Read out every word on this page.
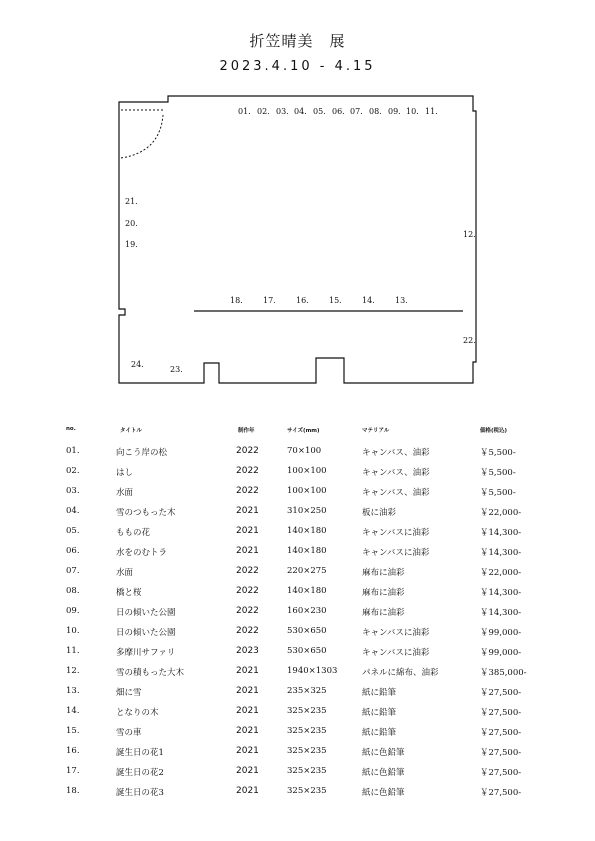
折笠晴美　展
2023.4.10 - 4.15
01. 02. 03. 04. 05. 06. 07. 08. 09. 10. 11.
12.
13.
14.
15.
16.
17.
18.
19.
20.
21.
22.
23.
24.
no.	タイトル	制作年	サイズ(mm)	マテリアル	価格(税込)
01.	向こう岸の松	2022	70×100	キャンバス、油彩	￥5,500-
02.	はし	2022	100×100	キャンバス、油彩	￥5,500-
03.	水面	2022	100×100	キャンバス、油彩	￥5,500-
04.	雪のつもった木	2021	310×250	板に油彩	￥22,000-
05.	ももの花	2021	140×180	キャンバスに油彩	￥14,300-
06.	水をのむトラ	2021	140×180	キャンバスに油彩	￥14,300-
07.	水面	2022	220×275	麻布に油彩	￥22,000-
08.	橋と桜	2022	140×180	麻布に油彩	￥14,300-
09.	日の傾いた公園	2022	160×230	麻布に油彩	￥14,300-
10.	日の傾いた公園	2022	530×650	キャンバスに油彩	￥99,000-
11.	多摩川サファリ	2023	530×650	キャンバスに油彩	￥99,000-
12.	雪の積もった大木	2021	1940×1303	パネルに綿布、油彩	￥385,000-
13.	畑に雪	2021	235×325	紙に鉛筆	￥27,500-
14.	となりの木	2021	325×235	紙に鉛筆	￥27,500-
15.	雪の車	2021	325×235	紙に鉛筆	￥27,500-
16.	誕生日の花1	2021	325×235	紙に色鉛筆	￥27,500-
17.	誕生日の花2	2021	325×235	紙に色鉛筆	￥27,500-
18.	誕生日の花3	2021	325×235	紙に色鉛筆	￥27,500-
